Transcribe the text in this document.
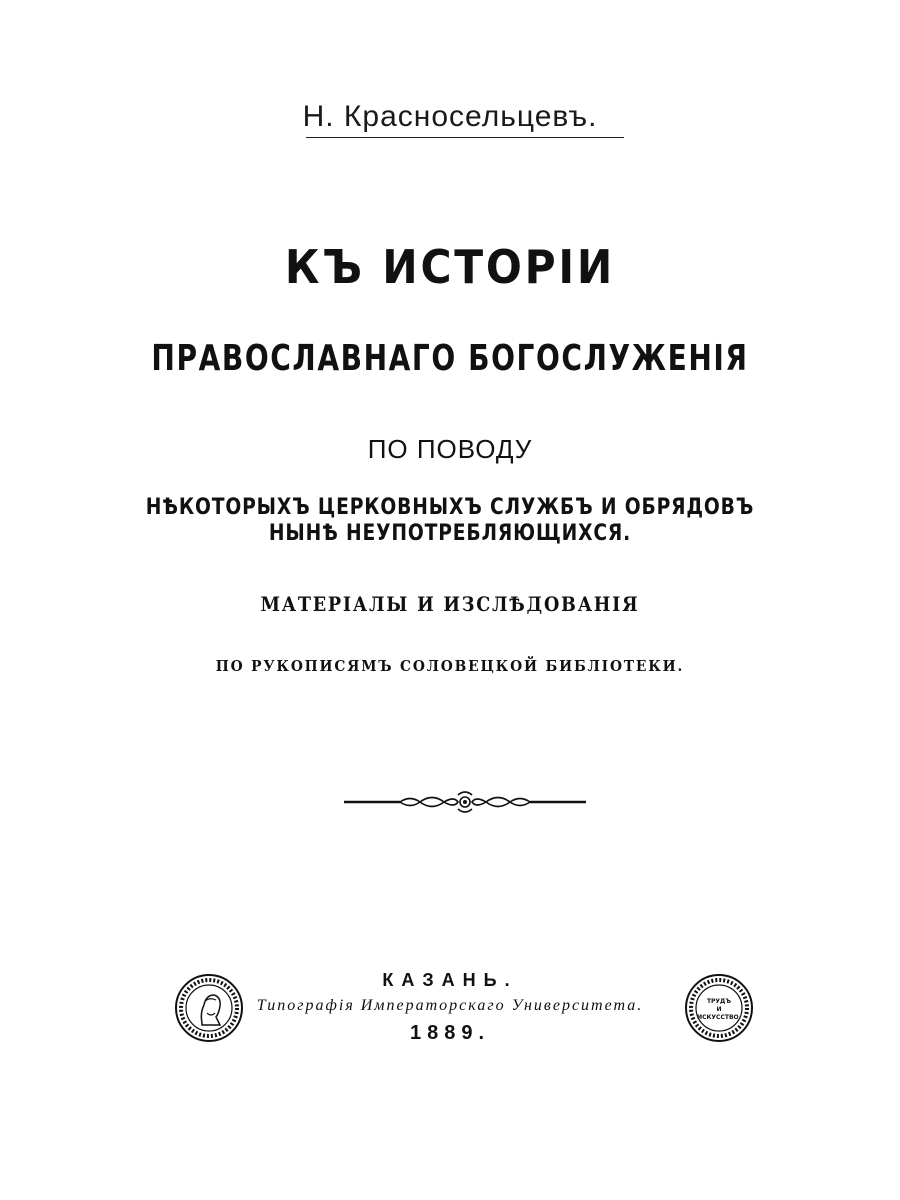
Н. Красносельцевъ.
КЪ ИСТОРІИ
ПРАВОСЛАВНАГО БОГОСЛУЖЕНІЯ
ПО ПОВОДУ
НѢКОТОРЫХЪ ЦЕРКОВНЫХЪ СЛУЖБЪ И ОБРЯДОВЪ
НЫНѢ НЕУПОТРЕБЛЯЮЩИХСЯ.
МАТЕРІАЛЫ И ИЗСЛѢДОВАНІЯ
ПО РУКОПИСЯМЪ СОЛОВЕЦКОЙ БИБЛІОТЕКИ.
КАЗАНЬ.
Типографія Императорскаго Университета.
1889.
ТРУДЪ
И
ИСКУССТВО.
